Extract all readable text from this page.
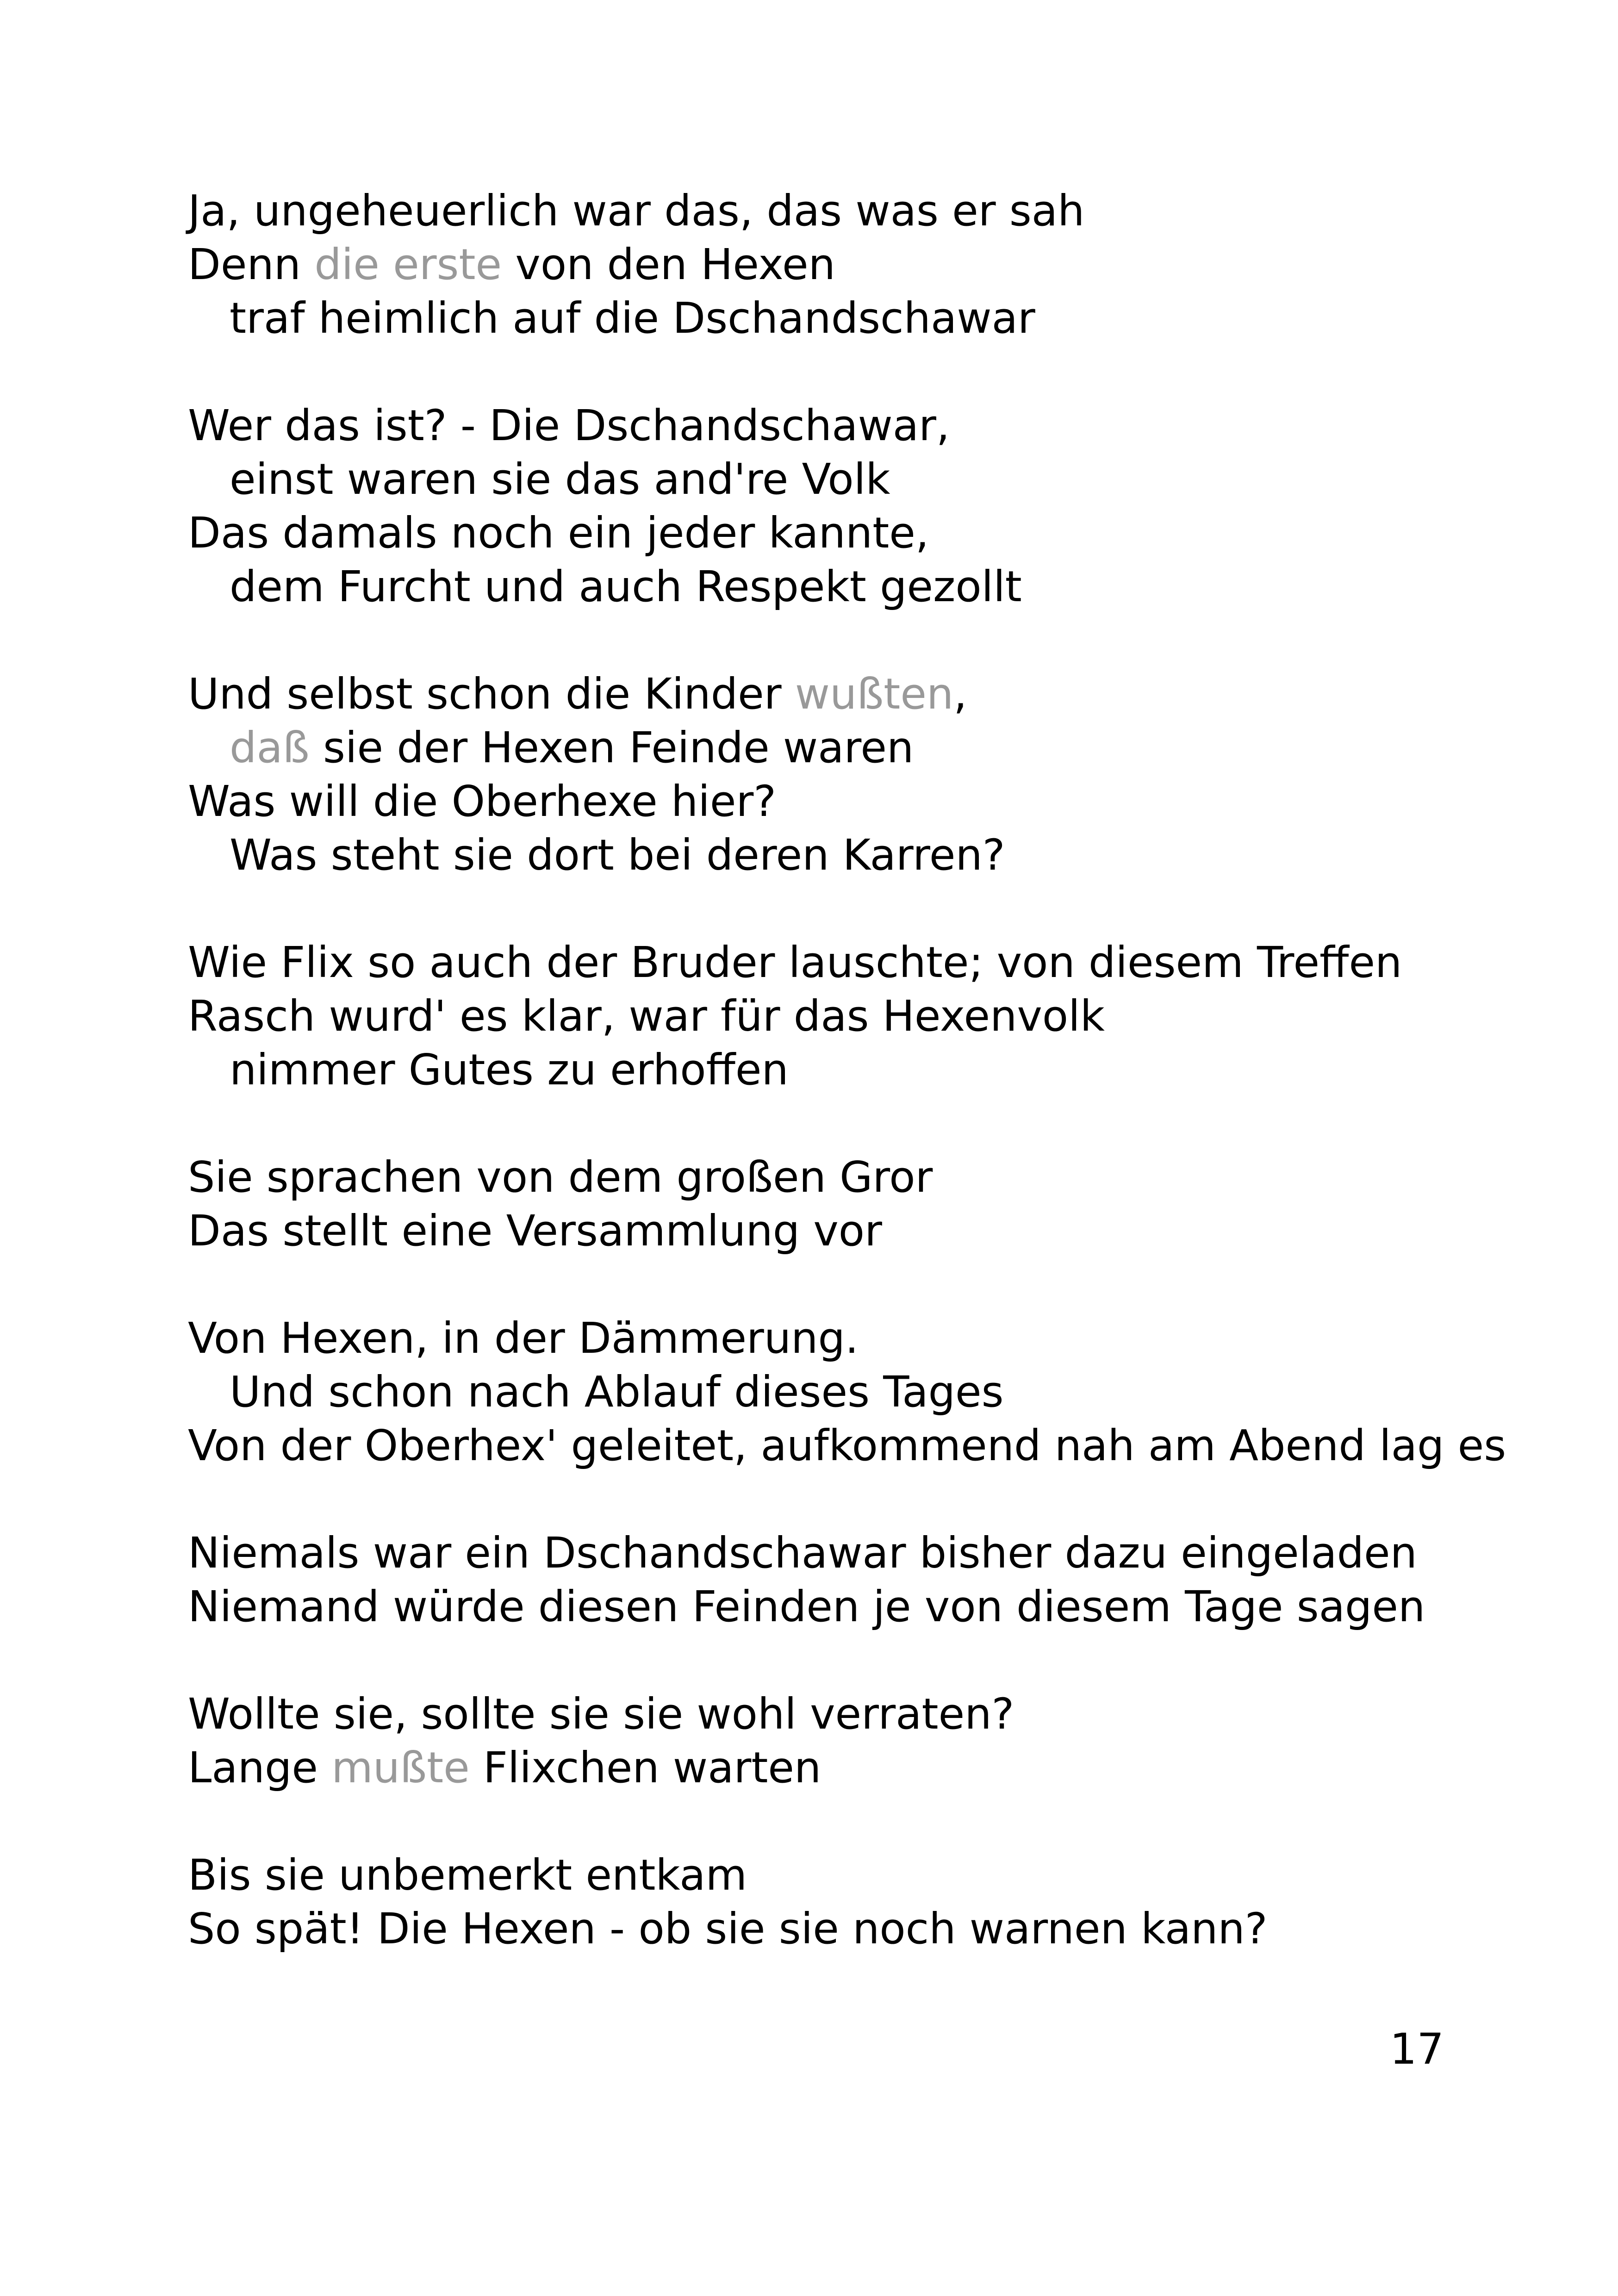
Ja, ungeheuerlich war das, das was er sah
Denn die erste von den Hexen
traf heimlich auf die Dschandschawar
Wer das ist? - Die Dschandschawar,
einst waren sie das and're Volk
Das damals noch ein jeder kannte,
dem Furcht und auch Respekt gezollt
Und selbst schon die Kinder wußten,
daß sie der Hexen Feinde waren
Was will die Oberhexe hier?
Was steht sie dort bei deren Karren?
Wie Flix so auch der Bruder lauschte; von diesem Treffen
Rasch wurd' es klar, war für das Hexenvolk
nimmer Gutes zu erhoffen
Sie sprachen von dem großen Gror
Das stellt eine Versammlung vor
Von Hexen, in der Dämmerung.
Und schon nach Ablauf dieses Tages
Von der Oberhex' geleitet, aufkommend nah am Abend lag es
Niemals war ein Dschandschawar bisher dazu eingeladen
Niemand würde diesen Feinden je von diesem Tage sagen
Wollte sie, sollte sie sie wohl verraten?
Lange mußte Flixchen warten
Bis sie unbemerkt entkam
So spät! Die Hexen - ob sie sie noch warnen kann?
17
